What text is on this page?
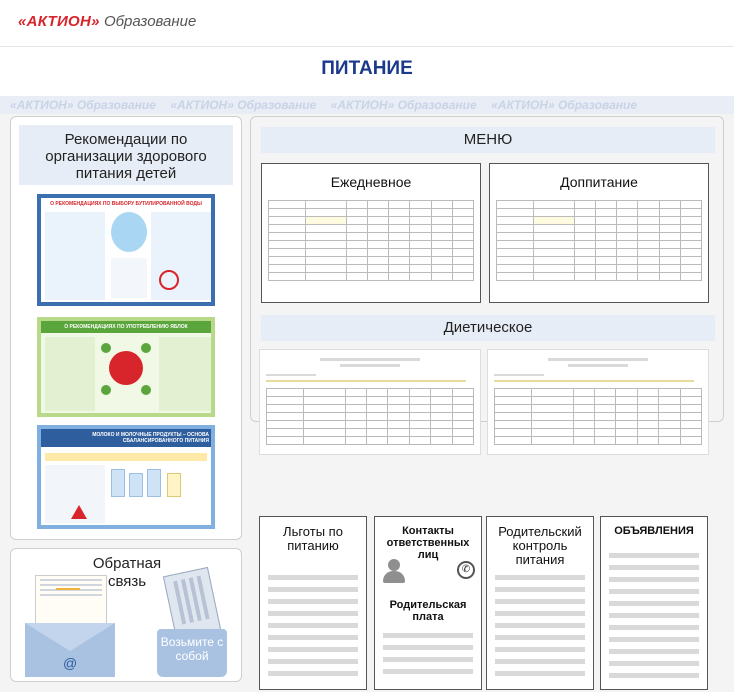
«АКТИОН» Образование
ПИТАНИЕ
«АКТИОН» Образование «АКТИОН» Образование «АКТИОН» Образование «АКТИОН» Образование
Рекомендации по организации здорового питания детей
О РЕКОМЕНДАЦИЯХ ПО ВЫБОРУ БУТИЛИРОВАННОЙ ВОДЫ
О РЕКОМЕНДАЦИЯХ ПО УПОТРЕБЛЕНИЮ ЯБЛОК
МОЛОКО И МОЛОЧНЫЕ ПРОДУКТЫ – ОСНОВА СБАЛАНСИРОВАННОГО ПИТАНИЯ
Обратная связь
@
Возьмите с собой
МЕНЮ
Ежедневное

								Доппитание

Диетическое

Льготы по питанию
Контакты ответственных лиц
✆
Родительская плата
Родительский контроль питания
ОБЪЯВЛЕНИЯ
